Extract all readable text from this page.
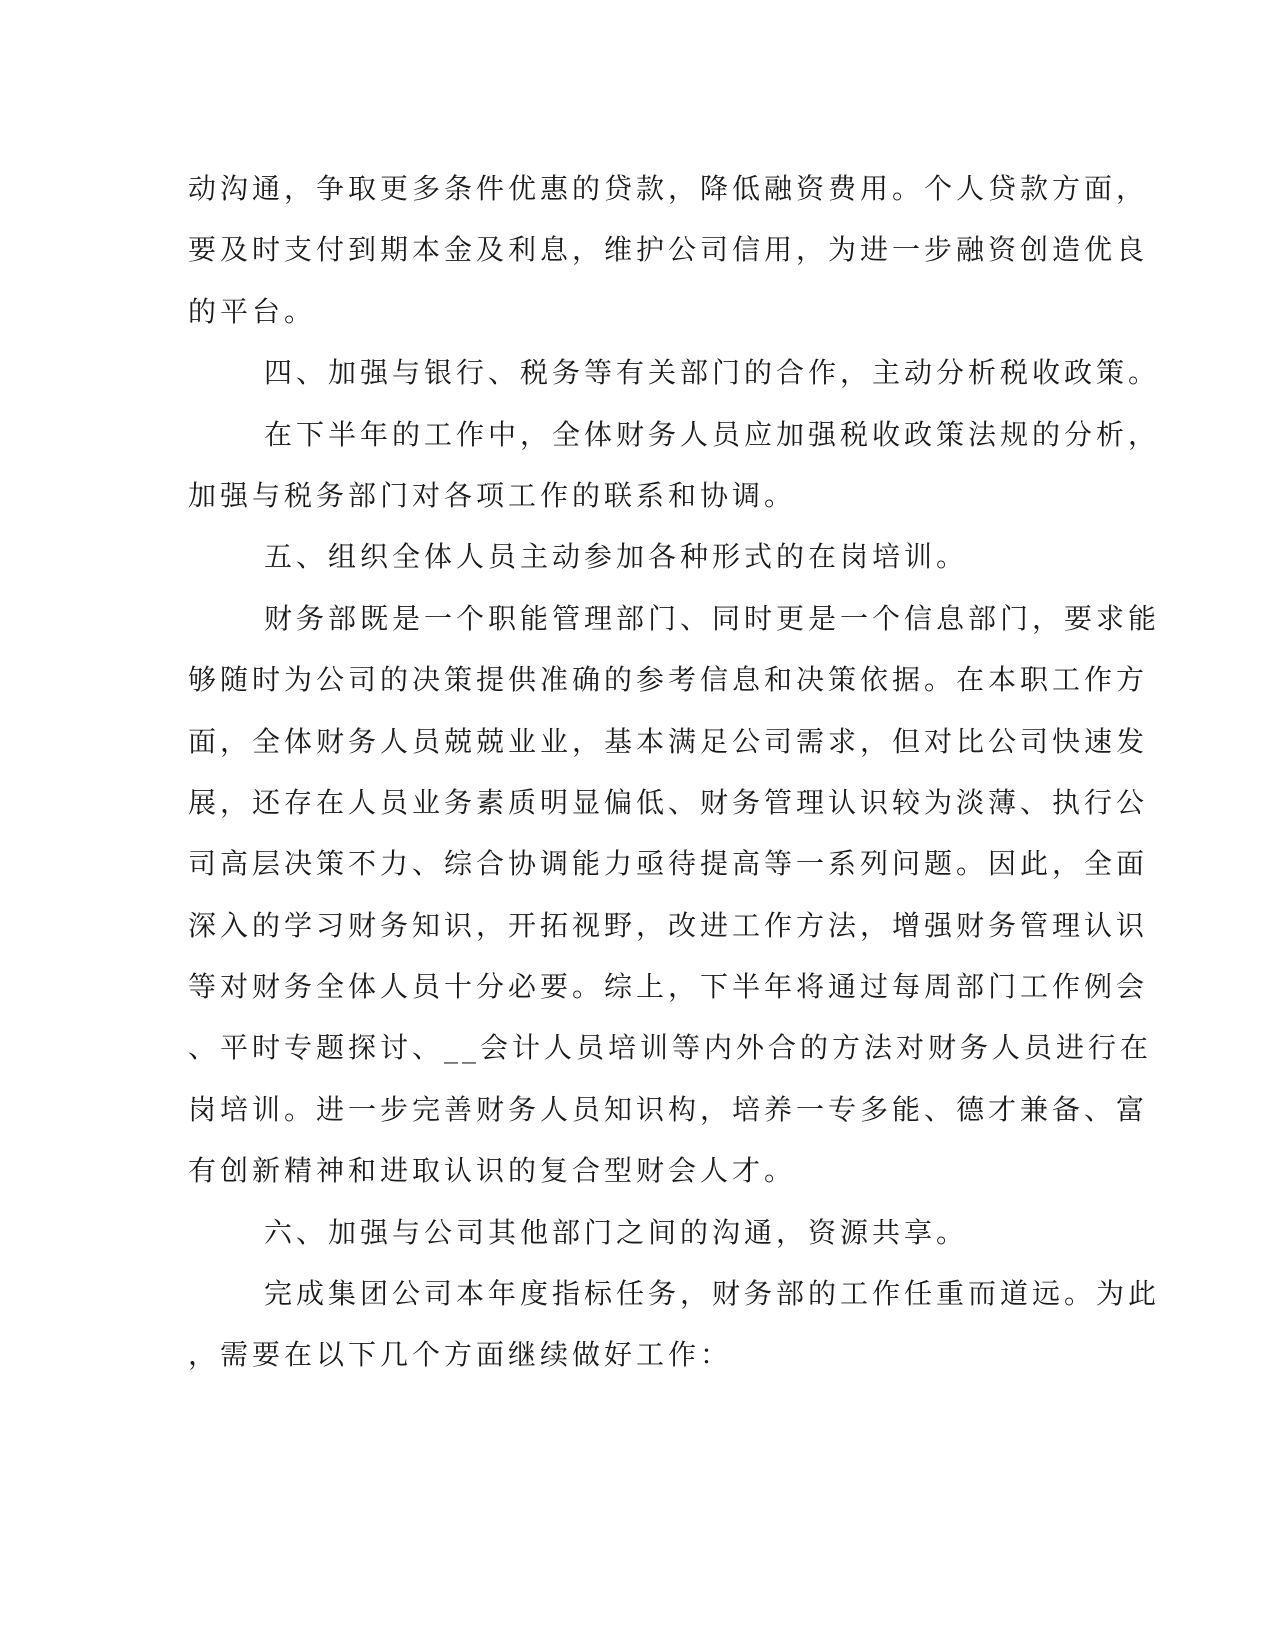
动沟通，争取更多条件优惠的贷款，降低融资费用。个人贷款方面，
要及时支付到期本金及利息，维护公司信用，为进一步融资创造优良
的平台。
四、加强与银行、税务等有关部门的合作，主动分析税收政策。
在下半年的工作中，全体财务人员应加强税收政策法规的分析，
加强与税务部门对各项工作的联系和协调。
五、组织全体人员主动参加各种形式的在岗培训。
财务部既是一个职能管理部门、同时更是一个信息部门，要求能
够随时为公司的决策提供准确的参考信息和决策依据。在本职工作方
面，全体财务人员兢兢业业，基本满足公司需求，但对比公司快速发
展，还存在人员业务素质明显偏低、财务管理认识较为淡薄、执行公
司高层决策不力、综合协调能力亟待提高等一系列问题。因此，全面
深入的学习财务知识，开拓视野，改进工作方法，增强财务管理认识
等对财务全体人员十分必要。综上，下半年将通过每周部门工作例会
、平时专题探讨、__会计人员培训等内外合的方法对财务人员进行在
岗培训。进一步完善财务人员知识构，培养一专多能、德才兼备、富
有创新精神和进取认识的复合型财会人才。
六、加强与公司其他部门之间的沟通，资源共享。
完成集团公司本年度指标任务，财务部的工作任重而道远。为此
，需要在以下几个方面继续做好工作：
